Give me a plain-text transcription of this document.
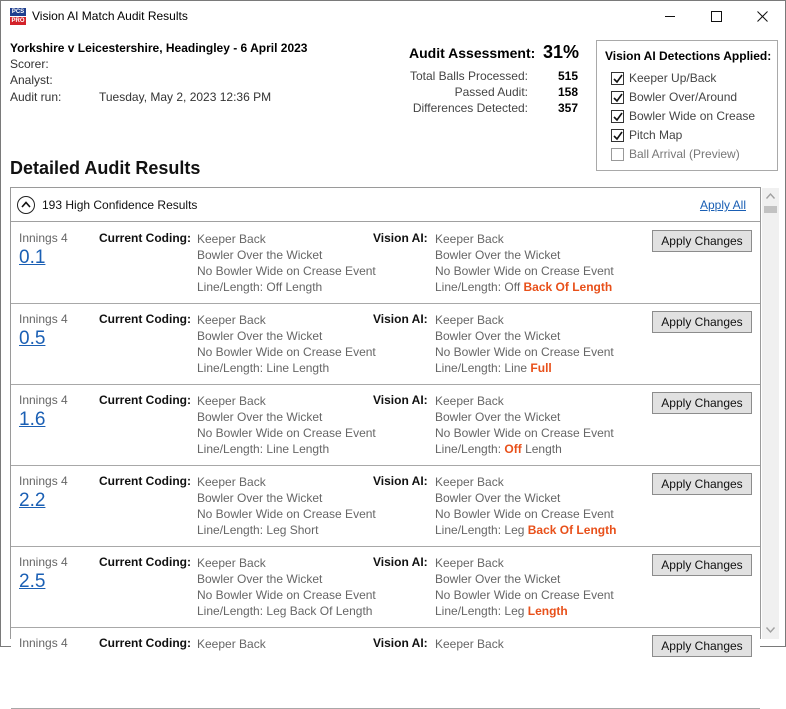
PCS
PRO Vision AI Match Audit Results
Yorkshire v Leicestershire, Headingley - 6 April 2023
Scorer:
Analyst:
Audit run:	Tuesday, May 2, 2023 12:36 PM
Audit Assessment: 31%
Total Balls Processed: 515
Passed Audit: 158
Differences Detected: 357
Vision AI Detections Applied:
Keeper Up/Back
Bowler Over/Around
Bowler Wide on Crease
Pitch Map
Ball Arrival (Preview)
Detailed Audit Results
193 High Confidence Results	Apply All
Innings 4
0.1
Current Coding: Keeper Back
Bowler Over the Wicket
No Bowler Wide on Crease Event
Line/Length: Off Length
Vision AI: Keeper Back
Bowler Over the Wicket
No Bowler Wide on Crease Event
Line/Length: Off Back Of Length
Apply Changes
Innings 4
0.5
Current Coding: Keeper Back
Bowler Over the Wicket
No Bowler Wide on Crease Event
Line/Length: Line Length
Vision AI: Keeper Back
Bowler Over the Wicket
No Bowler Wide on Crease Event
Line/Length: Line Full
Apply Changes
Innings 4
1.6
Current Coding: Keeper Back
Bowler Over the Wicket
No Bowler Wide on Crease Event
Line/Length: Line Length
Vision AI: Keeper Back
Bowler Over the Wicket
No Bowler Wide on Crease Event
Line/Length: Off Length
Apply Changes
Innings 4
2.2
Current Coding: Keeper Back
Bowler Over the Wicket
No Bowler Wide on Crease Event
Line/Length: Leg Short
Vision AI: Keeper Back
Bowler Over the Wicket
No Bowler Wide on Crease Event
Line/Length: Leg Back Of Length
Apply Changes
Innings 4
2.5
Current Coding: Keeper Back
Bowler Over the Wicket
No Bowler Wide on Crease Event
Line/Length: Leg Back Of Length
Vision AI: Keeper Back
Bowler Over the Wicket
No Bowler Wide on Crease Event
Line/Length: Leg Length
Apply Changes
Innings 4	Current Coding: Keeper Back	Vision AI: Keeper Back	Apply Changes
